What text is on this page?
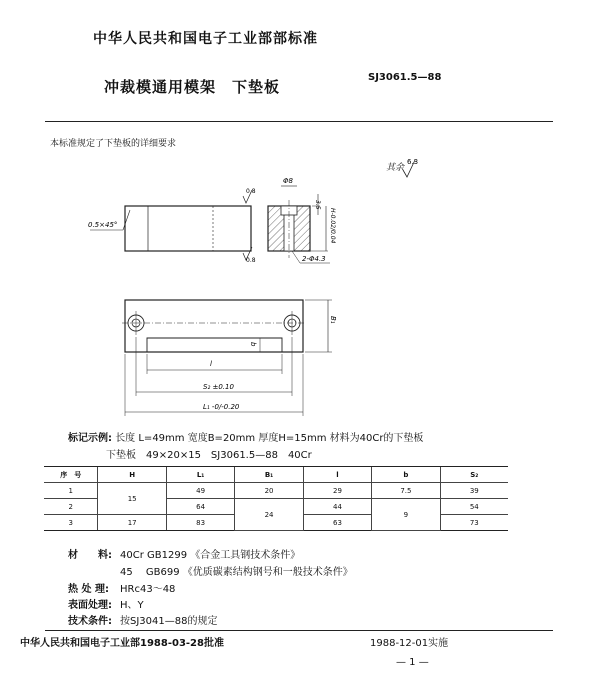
中华人民共和国电子工业部部标准
冲裁模通用模架　下垫板
SJ3061.5—88
本标准规定了下垫板的详细要求
6.3
0.5×45°
0.8
0.8
Φ8
3.5
H-0.02/0.04
2-Φ4.3
B₁
b
l
S₂ ±0.10
L₁ -0/-0.20
其余
标记示例: 长度 L=49mm 宽度B=20mm 厚度H=15mm 材料为40Cr的下垫板
下垫板　49×20×15　SJ3061.5—88　40Cr
序　号	H	L₁	B₁	l	b	S₂
1	15	49	20	29	7.5	39
2		64	24	44	9	54
3	17	83		63		73
材　　料: 40Cr GB1299 《合金工具钢技术条件》
45　 GB699 《优质碳素结构钢号和一般技术条件》
热 处 理: HRc43～48
表面处理: H、Y
技术条件: 按SJ3041—88的规定
中华人民共和国电子工业部1988-03-28批准	1988-12-01实施
— 1 —
